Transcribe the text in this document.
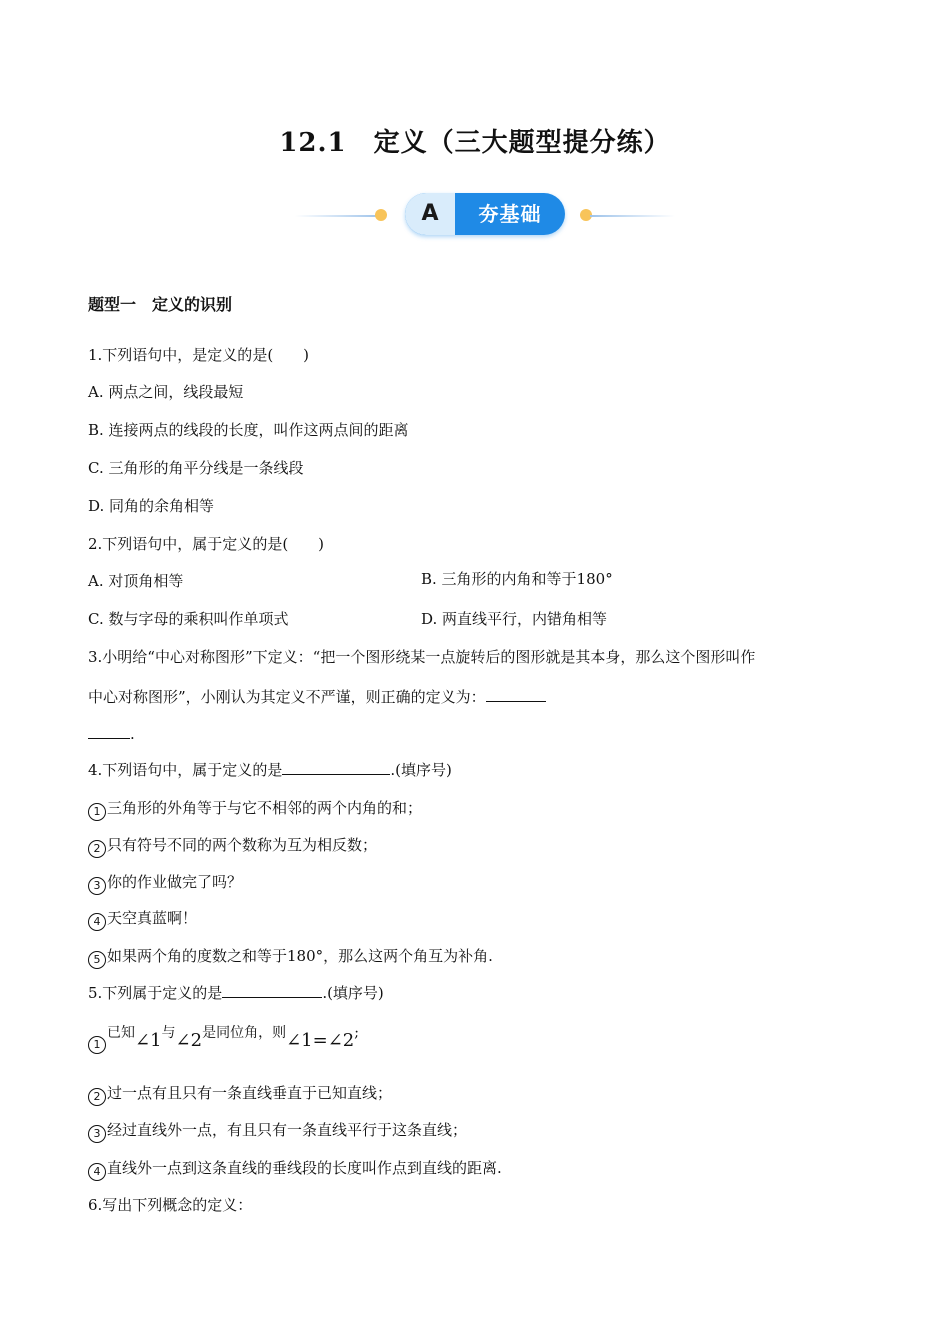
12.1　定义（三大题型提分练）
A	夯基础
题型一　定义的识别
1.下列语句中，是定义的是(　　)
A. 两点之间，线段最短
B. 连接两点的线段的长度，叫作这两点间的距离
C. 三角形的角平分线是一条线段
D. 同角的余角相等
2.下列语句中，属于定义的是(　　)
A. 对顶角相等	B. 三角形的内角和等于180°
C. 数与字母的乘积叫作单项式	D. 两直线平行，内错角相等
3.小明给“中心对称图形”下定义：“把一个图形绕某一点旋转后的图形就是其本身，那么这个图形叫作
中心对称图形”，小刚认为其定义不严谨，则正确的定义为：
.
4.下列语句中，属于定义的是	.(填序号)
1 三角形的外角等于与它不相邻的两个内角的和；
2 只有符号不同的两个数称为互为相反数；
3 你的作业做完了吗？
4 天空真蓝啊！
5 如果两个角的度数之和等于180°，那么这两个角互为补角.
5.下列属于定义的是	.(填序号)
1已知∠1与∠2是同位角，则∠1=∠2;
2 过一点有且只有一条直线垂直于已知直线；
3 经过直线外一点，有且只有一条直线平行于这条直线；
4 直线外一点到这条直线的垂线段的长度叫作点到直线的距离.
6.写出下列概念的定义：
